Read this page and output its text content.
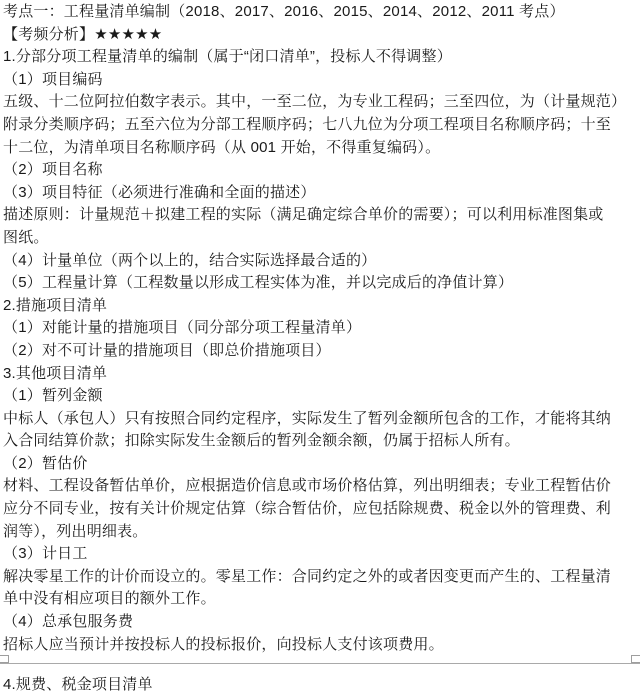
考点一：工程量清单编制（2018、2017、2016、2015、2014、2012、2011 考点）
【考频分析】★★★★★
1.分部分项工程量清单的编制（属于“闭口清单”，投标人不得调整）
（1）项目编码
五级、十二位阿拉伯数字表示。其中，一至二位，为专业工程码；三至四位，为（计量规范）
附录分类顺序码；五至六位为分部工程顺序码；七八九位为分项工程项目名称顺序码；十至
十二位，为清单项目名称顺序码（从 001 开始，不得重复编码）。
（2）项目名称
（3）项目特征（必须进行准确和全面的描述）
描述原则：计量规范＋拟建工程的实际（满足确定综合单价的需要）；可以利用标准图集或
图纸。
（4）计量单位（两个以上的，结合实际选择最合适的）
（5）工程量计算（工程数量以形成工程实体为准，并以完成后的净值计算）
2.措施项目清单
（1）对能计量的措施项目（同分部分项工程量清单）
（2）对不可计量的措施项目（即总价措施项目）
3.其他项目清单
（1）暂列金额
中标人（承包人）只有按照合同约定程序，实际发生了暂列金额所包含的工作，才能将其纳
入合同结算价款；扣除实际发生金额后的暂列金额余额，仍属于招标人所有。
（2）暂估价
材料、工程设备暂估单价，应根据造价信息或市场价格估算，列出明细表；专业工程暂估价
应分不同专业，按有关计价规定估算（综合暂估价，应包括除规费、税金以外的管理费、利
润等），列出明细表。
（3）计日工
解决零星工作的计价而设立的。零星工作：合同约定之外的或者因变更而产生的、工程量清
单中没有相应项目的额外工作。
（4）总承包服务费
招标人应当预计并按投标人的投标报价，向投标人支付该项费用。
4.规费、税金项目清单
